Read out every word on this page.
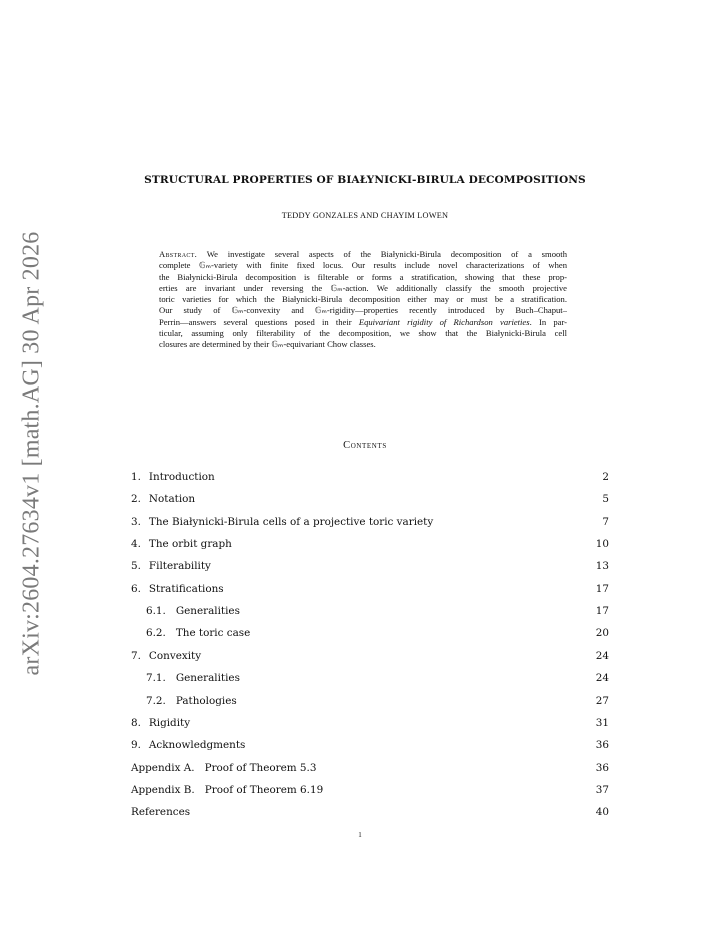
arXiv:2604.27634v1 [math.AG] 30 Apr 2026
STRUCTURAL PROPERTIES OF BIAŁYNICKI-BIRULA DECOMPOSITIONS
TEDDY GONZALES AND CHAYIM LOWEN
Abstract. We investigate several aspects of the Białynicki-Birula decomposition of a smooth
complete 𝔾ₘ-variety with finite fixed locus. Our results include novel characterizations of when
the Białynicki-Birula decomposition is filterable or forms a stratification, showing that these prop-
erties are invariant under reversing the 𝔾ₘ-action. We additionally classify the smooth projective
toric varieties for which the Białynicki-Birula decomposition either may or must be a stratification.
Our study of 𝔾ₘ-convexity and 𝔾ₘ-rigidity—properties recently introduced by Buch–Chaput–
Perrin—answers several questions posed in their Equivariant rigidity of Richardson varieties. In par-
ticular, assuming only filterability of the decomposition, we show that the Białynicki-Birula cell
closures are determined by their 𝔾ₘ-equivariant Chow classes.
Contents
1. Introduction	2
2. Notation	5
3. The Białynicki-Birula cells of a projective toric variety	7
4. The orbit graph	10
5. Filterability	13
6. Stratifications	17
6.1. Generalities	17
6.2. The toric case	20
7. Convexity	24
7.1. Generalities	24
7.2. Pathologies	27
8. Rigidity	31
9. Acknowledgments	36
Appendix A. Proof of Theorem 5.3	36
Appendix B. Proof of Theorem 6.19	37
References	40
1
